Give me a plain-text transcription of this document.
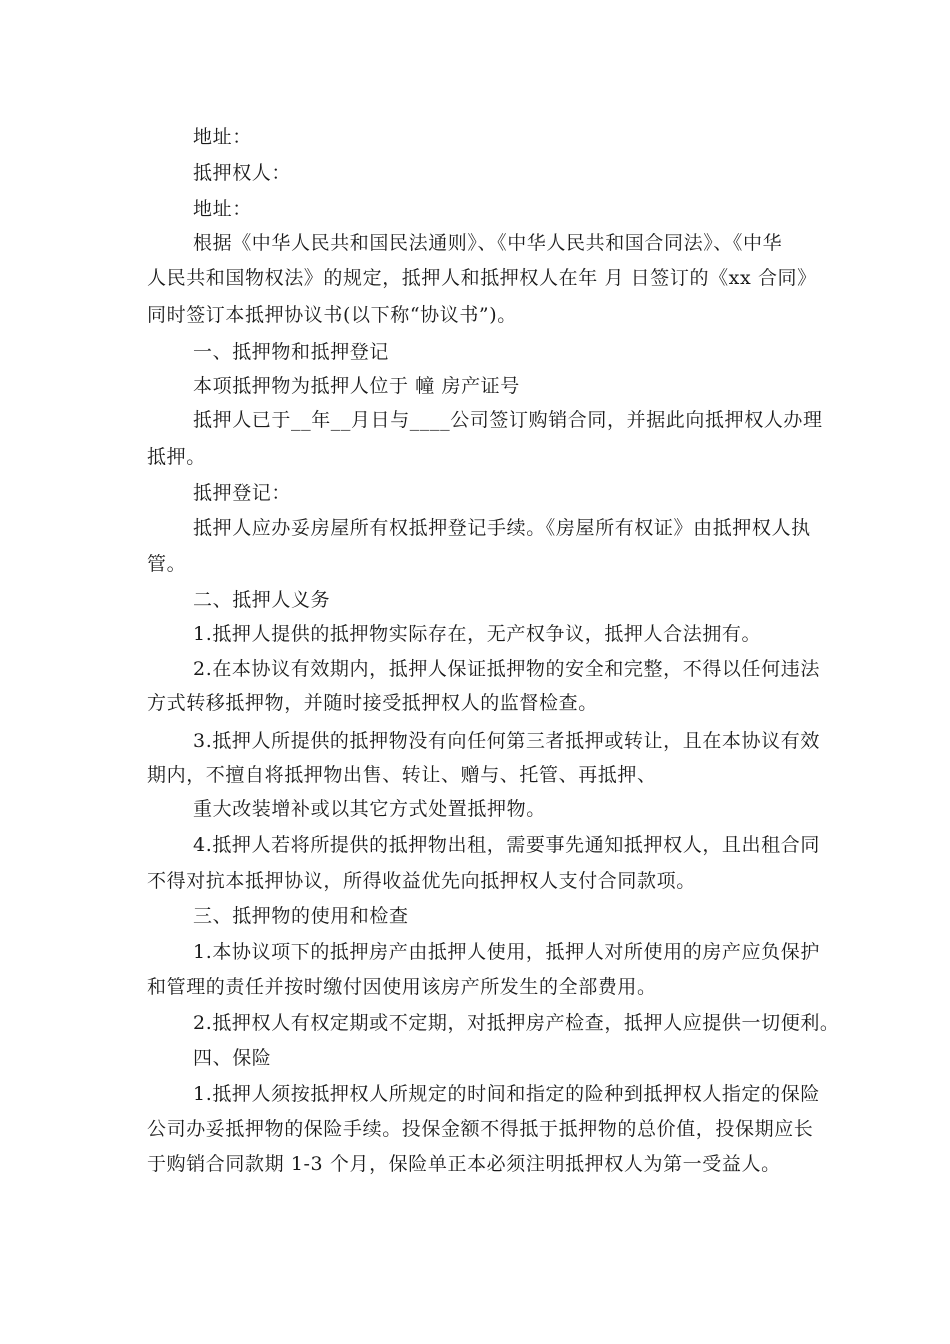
地址：
抵押权人：
地址：
根据《中华人民共和国民法通则》、《中华人民共和国合同法》、《中华
人民共和国物权法》的规定，抵押人和抵押权人在年 月 日签订的《xx 合同》
同时签订本抵押协议书(以下称“协议书”)。
一、抵押物和抵押登记
本项抵押物为抵押人位于 幢 房产证号
抵押人已于__年__月日与____公司签订购销合同，并据此向抵押权人办理
抵押。
抵押登记：
抵押人应办妥房屋所有权抵押登记手续。《房屋所有权证》由抵押权人执
管。
二、抵押人义务
1.抵押人提供的抵押物实际存在，无产权争议，抵押人合法拥有。
2.在本协议有效期内，抵押人保证抵押物的安全和完整，不得以任何违法
方式转移抵押物，并随时接受抵押权人的监督检查。
3.抵押人所提供的抵押物没有向任何第三者抵押或转让，且在本协议有效
期内，不擅自将抵押物出售、转让、赠与、托管、再抵押、
重大改装增补或以其它方式处置抵押物。
4.抵押人若将所提供的抵押物出租，需要事先通知抵押权人，且出租合同
不得对抗本抵押协议，所得收益优先向抵押权人支付合同款项。
三、抵押物的使用和检查
1.本协议项下的抵押房产由抵押人使用，抵押人对所使用的房产应负保护
和管理的责任并按时缴付因使用该房产所发生的全部费用。
2.抵押权人有权定期或不定期，对抵押房产检查，抵押人应提供一切便利。
四、保险
1.抵押人须按抵押权人所规定的时间和指定的险种到抵押权人指定的保险
公司办妥抵押物的保险手续。投保金额不得抵于抵押物的总价值，投保期应长
于购销合同款期 1-3 个月，保险单正本必须注明抵押权人为第一受益人。
